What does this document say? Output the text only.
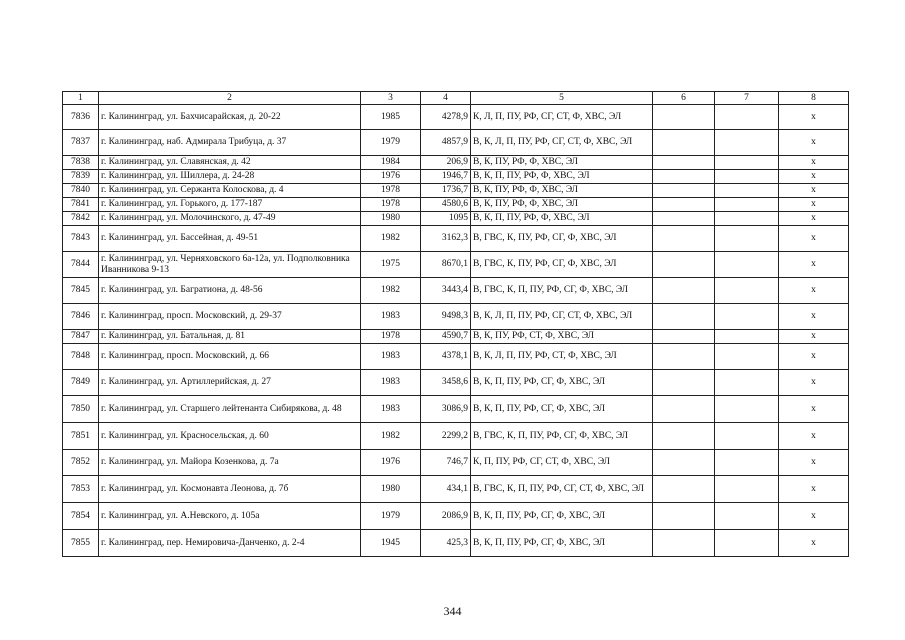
1	2	3	4	5	6	7	8
7836	г. Калининград, ул. Бахчисарайская, д. 20-22	1985	4278,9	К, Л, П, ПУ, РФ, СГ, СТ, Ф, ХВС, ЭЛ			x
7837	г. Калининград, наб. Адмирала Трибуца, д. 37	1979	4857,9	В, К, Л, П, ПУ, РФ, СГ, СТ, Ф, ХВС, ЭЛ			x
7838	г. Калининград, ул. Славянская, д. 42	1984	206,9	В, К, ПУ, РФ, Ф, ХВС, ЭЛ			x
7839	г. Калининград, ул. Шиллера, д. 24-28	1976	1946,7	В, К, П, ПУ, РФ, Ф, ХВС, ЭЛ			x
7840	г. Калининград, ул. Сержанта Колоскова, д. 4	1978	1736,7	В, К, ПУ, РФ, Ф, ХВС, ЭЛ			x
7841	г. Калининград, ул. Горького, д. 177-187	1978	4580,6	В, К, ПУ, РФ, Ф, ХВС, ЭЛ			x
7842	г. Калининград, ул. Молочинского, д. 47-49	1980	1095	В, К, П, ПУ, РФ, Ф, ХВС, ЭЛ			x
7843	г. Калининград, ул. Бассейная, д. 49-51	1982	3162,3	В, ГВС, К, ПУ, РФ, СГ, Ф, ХВС, ЭЛ			x
7844	г. Калининград, ул. Черняховского 6а-12а, ул. Подполковника Иванникова 9-13	1975	8670,1	В, ГВС, К, ПУ, РФ, СГ, Ф, ХВС, ЭЛ			x
7845	г. Калининград, ул. Багратиона, д. 48-56	1982	3443,4	В, ГВС, К, П, ПУ, РФ, СГ, Ф, ХВС, ЭЛ			x
7846	г. Калининград, просп. Московский, д. 29-37	1983	9498,3	В, К, Л, П, ПУ, РФ, СГ, СТ, Ф, ХВС, ЭЛ			x
7847	г. Калининград, ул. Батальная, д. 81	1978	4590,7	В, К, ПУ, РФ, СТ, Ф, ХВС, ЭЛ			x
7848	г. Калининград, просп. Московский, д. 66	1983	4378,1	В, К, Л, П, ПУ, РФ, СТ, Ф, ХВС, ЭЛ			x
7849	г. Калининград, ул. Артиллерийская, д. 27	1983	3458,6	В, К, П, ПУ, РФ, СГ, Ф, ХВС, ЭЛ			x
7850	г. Калининград, ул. Старшего лейтенанта Сибирякова, д. 48	1983	3086,9	В, К, П, ПУ, РФ, СГ, Ф, ХВС, ЭЛ			x
7851	г. Калининград, ул. Красносельская, д. 60	1982	2299,2	В, ГВС, К, П, ПУ, РФ, СГ, Ф, ХВС, ЭЛ			x
7852	г. Калининград, ул. Майора Козенкова, д. 7а	1976	746,7	К, П, ПУ, РФ, СГ, СТ, Ф, ХВС, ЭЛ			x
7853	г. Калининград, ул. Космонавта Леонова, д. 7б	1980	434,1	В, ГВС, К, П, ПУ, РФ, СГ, СТ, Ф, ХВС, ЭЛ			x
7854	г. Калининград, ул. А.Невского, д. 105а	1979	2086,9	В, К, П, ПУ, РФ, СГ, Ф, ХВС, ЭЛ			x
7855	г. Калининград, пер. Немировича-Данченко, д. 2-4	1945	425,3	В, К, П, ПУ, РФ, СГ, Ф, ХВС, ЭЛ			x
344
